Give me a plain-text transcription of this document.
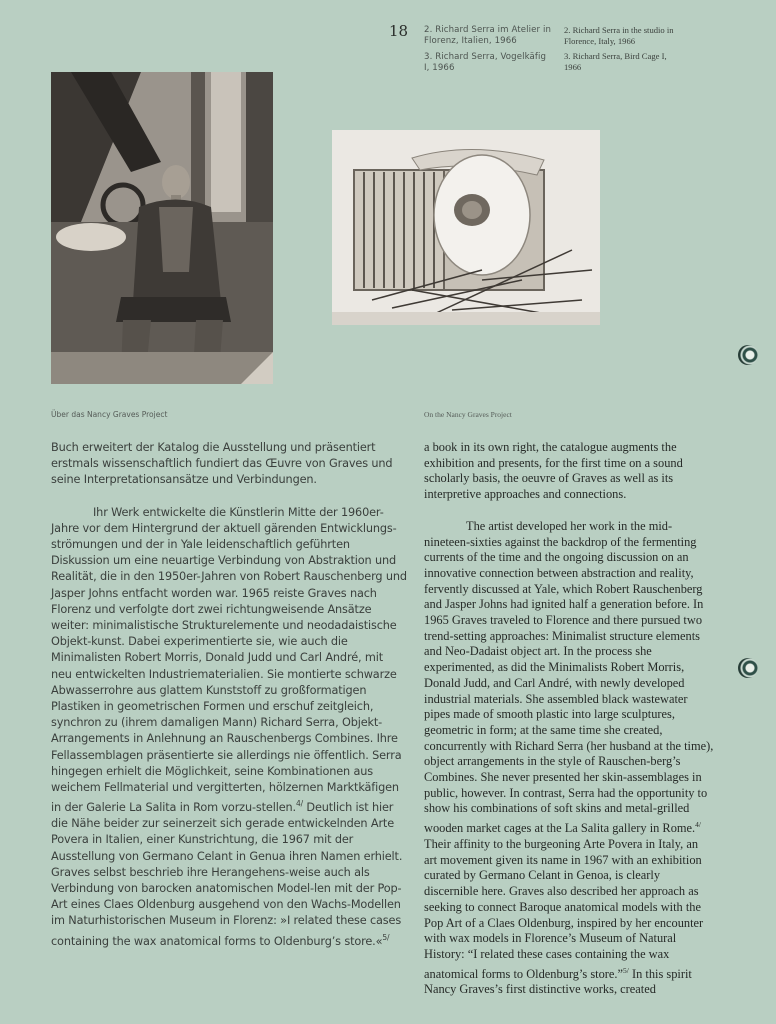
18 2. Richard Serra im Atelier in Florenz, Italien, 1966

3. Richard Serra, Vogelkäfig I, 1966

2. Richard Serra in the studio in Florence, Italy, 1966

3. Richard Serra, Bird Cage I, 1966

Über das Nancy Graves Project	On the Nancy Graves Project

Buch erweitert der Katalog die Ausstellung und präsentiert erstmals wissenschaftlich fundiert das Œuvre von Graves und seine Interpretationsansätze und Verbindungen.

Ihr Werk entwickelte die Künstlerin Mitte der 1960er-Jahre vor dem Hintergrund der aktuell gärenden Entwicklungs-strömungen und der in Yale leidenschaftlich geführten Diskussion um eine neuartige Verbindung von Abstraktion und Realität, die in den 1950er-Jahren von Robert Rauschenberg und Jasper Johns entfacht worden war. 1965 reiste Graves nach Florenz und verfolgte dort zwei richtungweisende Ansätze weiter: minimalistische Strukturelemente und neodadaistische Objekt-kunst. Dabei experimentierte sie, wie auch die Minimalisten Robert Morris, Donald Judd und Carl André, mit neu entwickelten Industriematerialien. Sie montierte schwarze Abwasserrohre aus glattem Kunststoff zu großformatigen Plastiken in geometrischen Formen und erschuf zeitgleich, synchron zu (ihrem damaligen Mann) Richard Serra, Objekt-Arrangements in Anlehnung an Rauschenbergs Combines. Ihre Fellassemblagen präsentierte sie allerdings nie öffentlich. Serra hingegen erhielt die Möglichkeit, seine Kombinationen aus weichem Fellmaterial und vergitterten, hölzernen Marktkäfigen in der Galerie La Salita in Rom vorzu-stellen.$^{4/}$ Deutlich ist hier die Nähe beider zur seinerzeit sich gerade entwickelnden Arte Povera in Italien, einer Kunstrichtung, die 1967 mit der Ausstellung von Germano Celant in Genua ihren Namen erhielt. Graves selbst beschrieb ihre Herangehens-weise auch als Verbindung von barocken anatomischen Model-len mit der Pop-Art eines Claes Oldenburg ausgehend von den Wachs-Modellen im Naturhistorischen Museum in Florenz: »I related these cases containing the wax anatomical forms to Oldenburg’s store.«$^{5/}$

a book in its own right, the catalogue augments the exhibition and presents, for the first time on a sound scholarly basis, the oeuvre of Graves as well as its interpretive approaches and connections.

The artist developed her work in the mid-nineteen-sixties against the backdrop of the fermenting currents of the time and the ongoing discussion on an innovative connection between abstraction and reality, fervently discussed at Yale, which Robert Rauschenberg and Jasper Johns had ignited half a generation before. In 1965 Graves traveled to Florence and there pursued two trend-setting approaches: Minimalist structure elements and Neo-Dadaist object art. In the process she experimented, as did the Minimalists Robert Morris, Donald Judd, and Carl André, with newly developed industrial materials. She assembled black wastewater pipes made of smooth plastic into large sculptures, geometric in form; at the same time she created, concurrently with Richard Serra (her husband at the time), object arrangements in the style of Rauschen-berg’s Combines. She never presented her skin-assemblages in public, however. In contrast, Serra had the opportunity to show his combinations of soft skins and metal-grilled wooden market cages at the La Salita gallery in Rome.$^{4/}$ Their affinity to the burgeoning Arte Povera in Italy, an art movement given its name in 1967 with an exhibition curated by Germano Celant in Genoa, is clearly discernible here. Graves also described her approach as seeking to connect Baroque anatomical models with the Pop Art of a Claes Oldenburg, inspired by her encounter with wax models in Florence’s Museum of Natural History: “I related these cases containing the wax anatomical forms to Oldenburg’s store.”$^{5/}$ In this spirit Nancy Graves’s first distinctive works, created
